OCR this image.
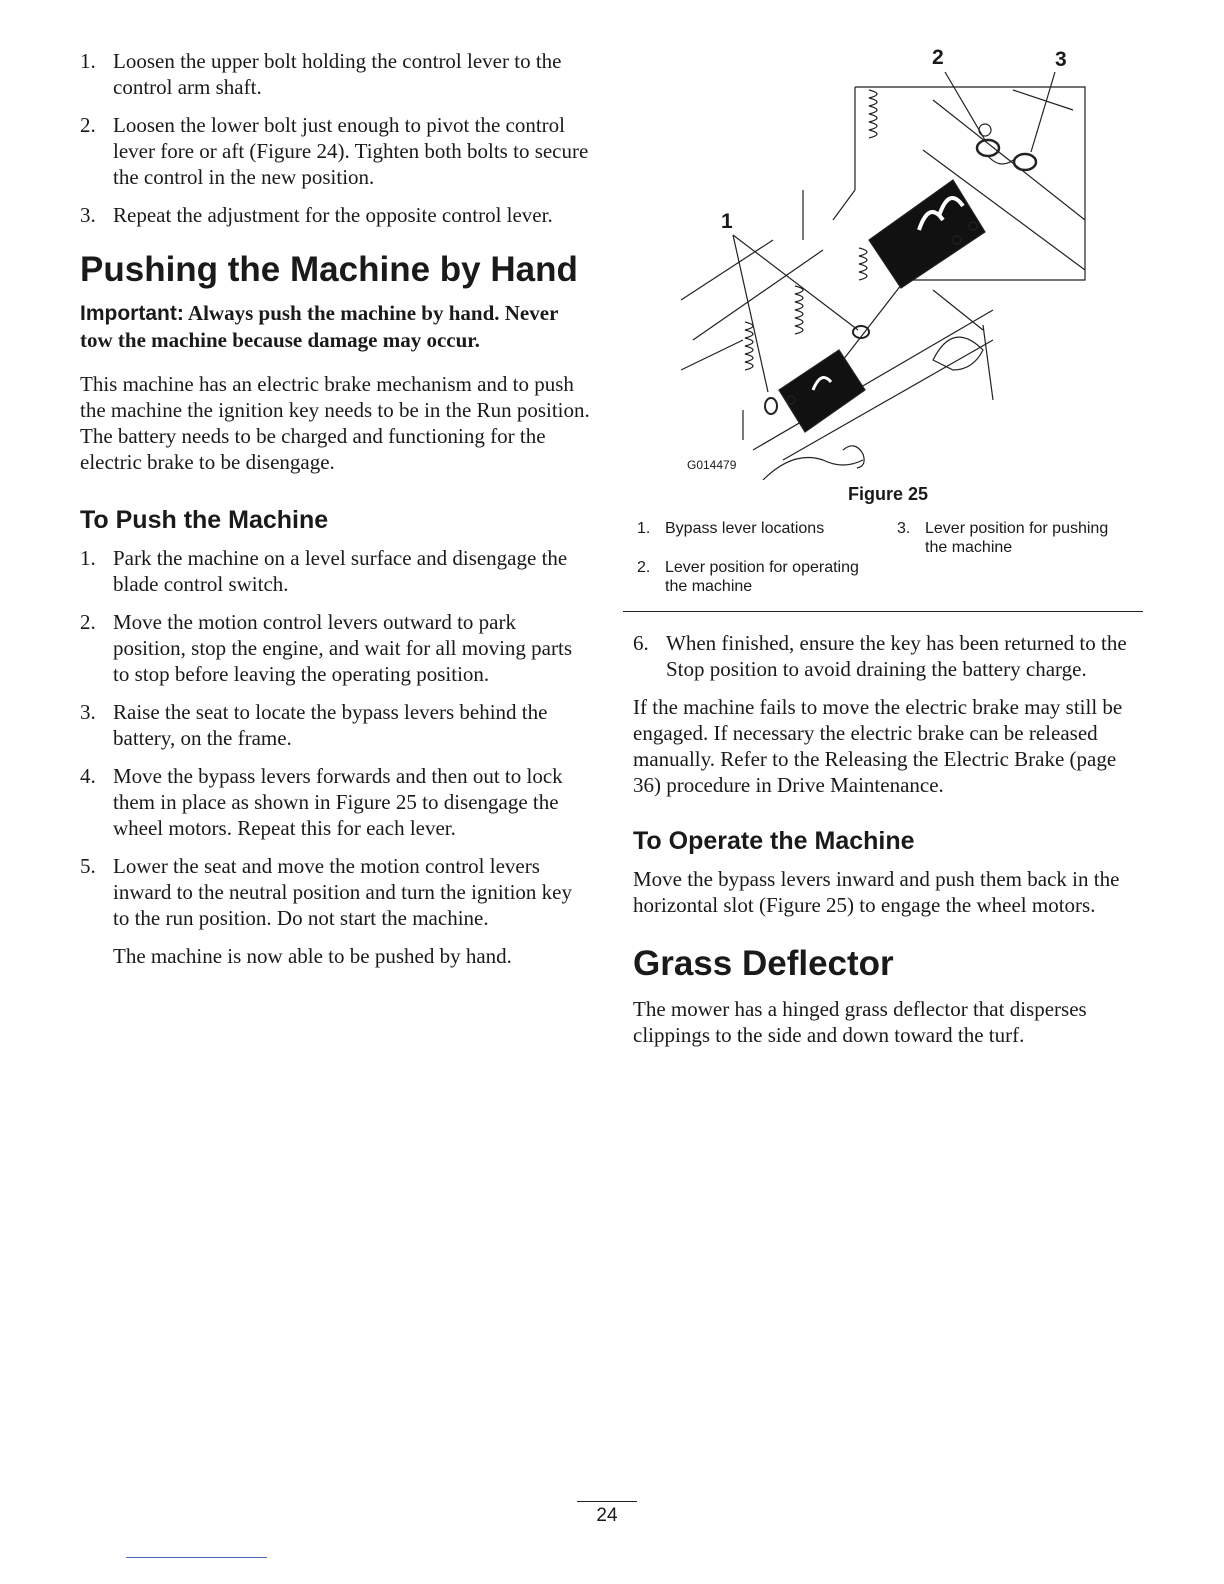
1. Loosen the upper bolt holding the control lever to the control arm shaft.
2. Loosen the lower bolt just enough to pivot the control lever fore or aft (Figure 24). Tighten both bolts to secure the control in the new position.
3. Repeat the adjustment for the opposite control lever.
Pushing the Machine by Hand

Important: Always push the machine by hand. Never tow the machine because damage may occur.

This machine has an electric brake mechanism and to push the machine the ignition key needs to be in the Run position. The battery needs to be charged and functioning for the electric brake to be disengage.

To Push the Machine
1. Park the machine on a level surface and disengage the blade control switch.
2. Move the motion control levers outward to park position, stop the engine, and wait for all moving parts to stop before leaving the operating position.
3. Raise the seat to locate the bypass levers behind the battery, on the frame.
4. Move the bypass levers forwards and then out to lock them in place as shown in Figure 25 to disengage the wheel motors. Repeat this for each lever.
5. Lower the seat and move the motion control levers inward to the neutral position and turn the ignition key to the run position. Do not start the machine.

The machine is now able to be pushed by hand.

2	3
1
G014479
Figure 25
1. Bypass lever locations
2. Lever position for operating the machine
3. Lever position for pushing the machine
6. When finished, ensure the key has been returned to the Stop position to avoid draining the battery charge.

If the machine fails to move the electric brake may still be engaged. If necessary the electric brake can be released manually. Refer to the Releasing the Electric Brake (page 36) procedure in Drive Maintenance.

To Operate the Machine

Move the bypass levers inward and push them back in the horizontal slot (Figure 25) to engage the wheel motors.

Grass Deflector

The mower has a hinged grass deflector that disperses clippings to the side and down toward the turf.

24
